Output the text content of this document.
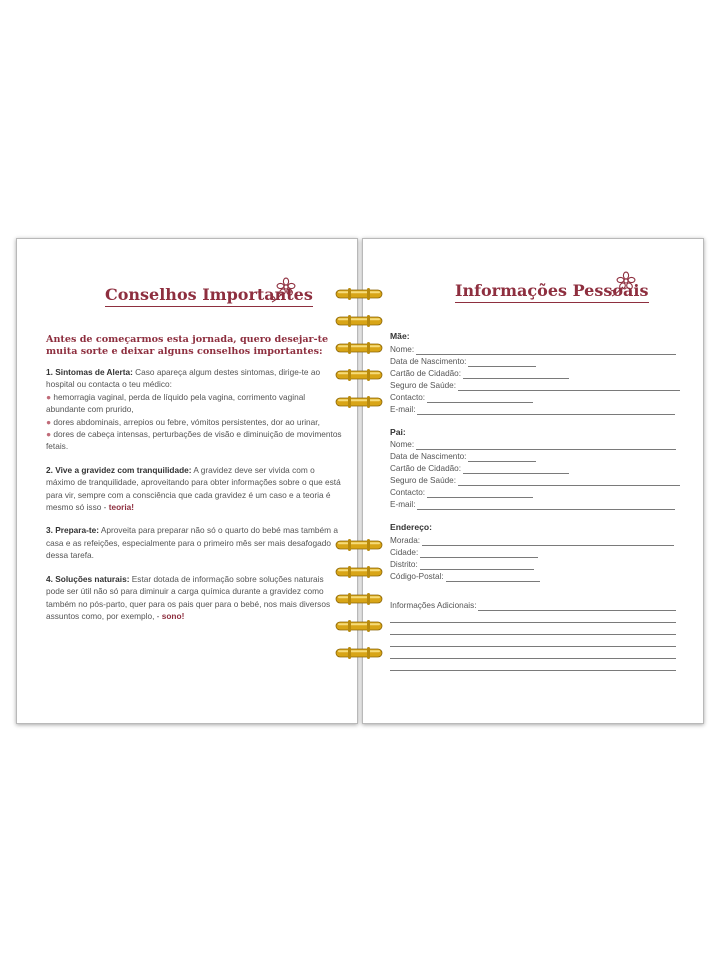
Conselhos Importantes
Antes de começarmos esta jornada, quero desejar-te muita sorte e deixar alguns conselhos importantes:

1. Sintomas de Alerta: Caso apareça algum destes sintomas, dirige-te ao hospital ou contacta o teu médico:

● hemorragia vaginal, perda de líquido pela vagina, corrimento vaginal abundante com prurido,

● dores abdominais, arrepios ou febre, vómitos persistentes, dor ao urinar,

● dores de cabeça intensas, perturbações de visão e diminuição de movimentos fetais.

2. Vive a gravidez com tranquilidade: A gravidez deve ser vivida com o máximo de tranquilidade, aproveitando para obter informações sobre o que está para vir, sempre com a consciência que cada gravidez é um caso e a teoria é mesmo só isso - teoria!

3. Prepara-te: Aproveita para preparar não só o quarto do bebé mas também a casa e as refeições, especialmente para o primeiro mês ser mais desafogado dessa tarefa.

4. Soluções naturais: Estar dotada de informação sobre soluções naturais pode ser útil não só para diminuir a carga química durante a gravidez como também no pós-parto, quer para os pais quer para o bebé, nos mais diversos assuntos como, por exemplo, - sono!

Informações Pessoais
Mãe:
Nome:
Data de Nascimento:
Cartão de Cidadão:
Seguro de Saúde:
Contacto:
E-mail:
Pai:
Nome:
Data de Nascimento:
Cartão de Cidadão:
Seguro de Saúde:
Contacto:
E-mail:
Endereço:
Morada:
Cidade:
Distrito:
Código-Postal:
Informações Adicionais:
